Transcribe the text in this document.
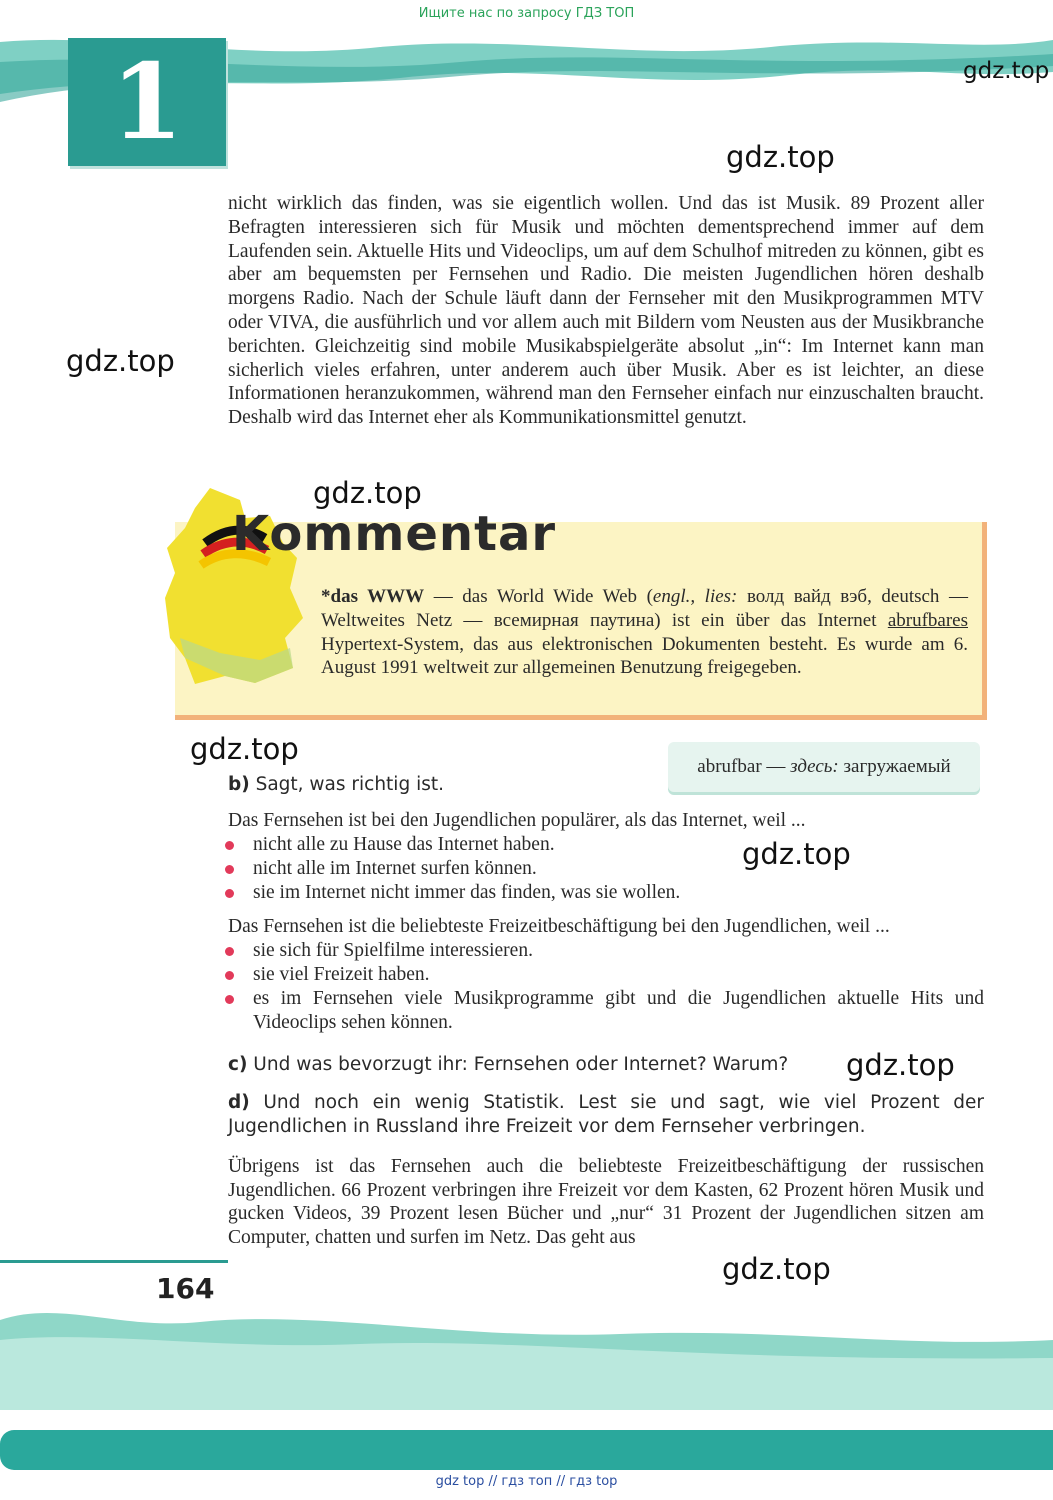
Ищите нас по запросу ГДЗ ТОП
1	gdz.top
gdz.top
gdz.top
gdz.top
gdz.top
gdz.top
gdz.top
gdz.top
nicht wirklich das finden, was sie eigentlich wollen. Und das ist Musik. 89 Prozent aller Befragten interessieren sich für Musik und möchten dementsprechend immer auf dem Laufenden sein. Aktuelle Hits und Videoclips, um auf dem Schulhof mitreden zu können, gibt es aber am bequemsten per Fernsehen und Radio. Die meisten Jugendlichen hören deshalb morgens Radio. Nach der Schule läuft dann der Fernseher mit den Musikprogrammen MTV oder VIVA, die ausführlich und vor allem auch mit Bildern vom Neusten aus der Musikbranche berichten. Gleichzeitig sind mobile Musikabspielgeräte absolut „in“: Im Internet kann man sicherlich vieles erfahren, unter anderem auch über Musik. Aber es ist leichter, an diese Informationen heranzukommen, während man den Fernseher einfach nur einzuschalten braucht. Deshalb wird das Internet eher als Kommunikationsmittel genutzt.
Kommentar
*das WWW — das World Wide Web (engl., lies: волд вайд вэб, deutsch — Weltweites Netz — всемирная паутина) ist ein über das Internet abrufbares Hypertext-System, das aus elektronischen Dokumenten besteht. Es wurde am 6. August 1991 weltweit zur allgemeinen Benutzung freigegeben.
abrufbar — здесь: загружаемый
b) Sagt, was richtig ist.
Das Fernsehen ist bei den Jugendlichen populärer, als das Internet, weil ...
nicht alle zu Hause das Internet haben.
nicht alle im Internet surfen können.
sie im Internet nicht immer das finden, was sie wollen.
Das Fernsehen ist die beliebteste Freizeitbeschäftigung bei den Jugendlichen, weil ...
sie sich für Spielfilme interessieren.
sie viel Freizeit haben.
es im Fernsehen viele Musikprogramme gibt und die Jugendlichen aktuelle Hits und Videoclips sehen können.
c) Und was bevorzugt ihr: Fernsehen oder Internet? Warum?
d) Und noch ein wenig Statistik. Lest sie und sagt, wie viel Prozent der Jugendlichen in Russland ihre Freizeit vor dem Fernseher verbringen.
Übrigens ist das Fernsehen auch die beliebteste Freizeitbeschäftigung der russischen Jugendlichen. 66 Prozent verbringen ihre Freizeit vor dem Kasten, 62 Prozent hören Musik und gucken Videos, 39 Prozent lesen Bücher und „nur“ 31 Prozent der Jugendlichen sitzen am Computer, chatten und surfen im Netz. Das geht aus
164
gdz top // гдз топ // гдз top
